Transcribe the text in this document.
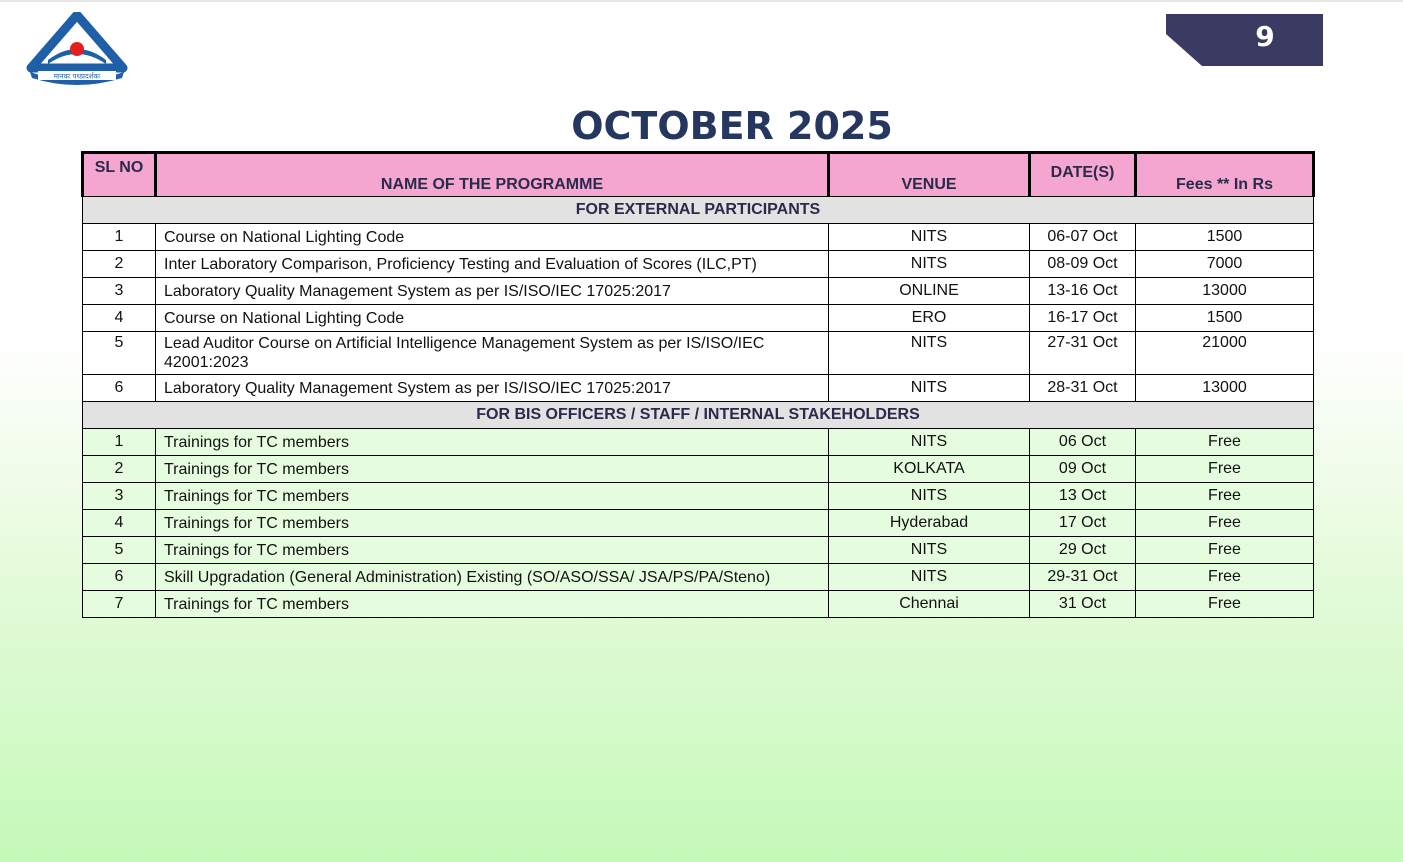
मानकः पथप्रदर्शकः
9
OCTOBER 2025
SL NO	NAME OF THE PROGRAMME	VENUE	DATE(S)	Fees ** In Rs
FOR EXTERNAL PARTICIPANTS				
1	Course on National Lighting Code	NITS	06-07 Oct	1500
2	Inter Laboratory Comparison, Proficiency Testing and Evaluation of Scores (ILC,PT)	NITS	08-09 Oct	7000
3	Laboratory Quality Management System as per IS/ISO/IEC 17025:2017	ONLINE	13-16 Oct	13000
4	Course on National Lighting Code	ERO	16-17 Oct	1500
5	Lead Auditor Course on Artificial Intelligence Management System as per IS/ISO/IEC 42001:2023	NITS	27-31 Oct	21000
6	Laboratory Quality Management System as per IS/ISO/IEC 17025:2017	NITS	28-31 Oct	13000
FOR BIS OFFICERS / STAFF / INTERNAL STAKEHOLDERS				
1	Trainings for TC members	NITS	06 Oct	Free
2	Trainings for TC members	KOLKATA	09 Oct	Free
3	Trainings for TC members	NITS	13 Oct	Free
4	Trainings for TC members	Hyderabad	17 Oct	Free
5	Trainings for TC members	NITS	29 Oct	Free
6	Skill Upgradation (General Administration) Existing (SO/ASO/SSA/ JSA/PS/PA/Steno)	NITS	29-31 Oct	Free
7	Trainings for TC members	Chennai	31 Oct	Free
